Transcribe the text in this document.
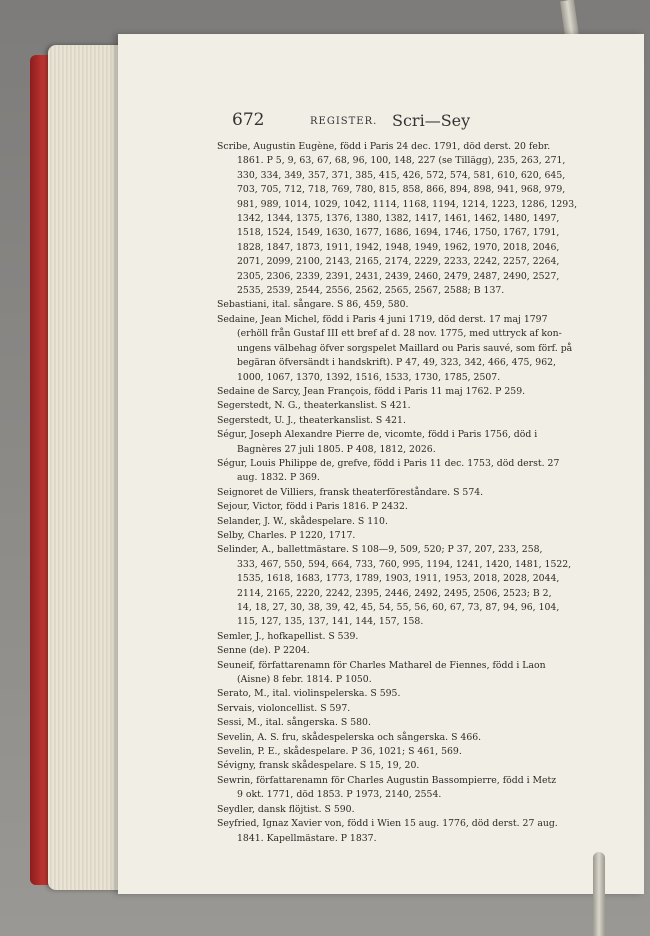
672	REGISTER. Scri—Sey
Scribe, Augustin Eugène, född i Paris 24 dec. 1791, död derst. 20 febr.
1861. P 5, 9, 63, 67, 68, 96, 100, 148, 227 (se Tillägg), 235, 263, 271,
330, 334, 349, 357, 371, 385, 415, 426, 572, 574, 581, 610, 620, 645,
703, 705, 712, 718, 769, 780, 815, 858, 866, 894, 898, 941, 968, 979,
981, 989, 1014, 1029, 1042, 1114, 1168, 1194, 1214, 1223, 1286, 1293,
1342, 1344, 1375, 1376, 1380, 1382, 1417, 1461, 1462, 1480, 1497,
1518, 1524, 1549, 1630, 1677, 1686, 1694, 1746, 1750, 1767, 1791,
1828, 1847, 1873, 1911, 1942, 1948, 1949, 1962, 1970, 2018, 2046,
2071, 2099, 2100, 2143, 2165, 2174, 2229, 2233, 2242, 2257, 2264,
2305, 2306, 2339, 2391, 2431, 2439, 2460, 2479, 2487, 2490, 2527,
2535, 2539, 2544, 2556, 2562, 2565, 2567, 2588; B 137.
Sebastiani, ital. sångare. S 86, 459, 580.
Sedaine, Jean Michel, född i Paris 4 juni 1719, död derst. 17 maj 1797
(erhöll från Gustaf III ett bref af d. 28 nov. 1775, med uttryck af kon-
ungens välbehag öfver sorgspelet Maillard ou Paris sauvé, som förf. på
begäran öfversändt i handskrift). P 47, 49, 323, 342, 466, 475, 962,
1000, 1067, 1370, 1392, 1516, 1533, 1730, 1785, 2507.
Sedaine de Sarcy, Jean François, född i Paris 11 maj 1762. P 259.
Segerstedt, N. G., theaterkanslist. S 421.
Segerstedt, U. J., theaterkanslist. S 421.
Ségur, Joseph Alexandre Pierre de, vicomte, född i Paris 1756, död i
Bagnères 27 juli 1805. P 408, 1812, 2026.
Ségur, Louis Philippe de, grefve, född i Paris 11 dec. 1753, död derst. 27
aug. 1832. P 369.
Seignoret de Villiers, fransk theaterföreståndare. S 574.
Sejour, Victor, född i Paris 1816. P 2432.
Selander, J. W., skådespelare. S 110.
Selby, Charles. P 1220, 1717.
Selinder, A., ballettmästare. S 108—9, 509, 520; P 37, 207, 233, 258,
333, 467, 550, 594, 664, 733, 760, 995, 1194, 1241, 1420, 1481, 1522,
1535, 1618, 1683, 1773, 1789, 1903, 1911, 1953, 2018, 2028, 2044,
2114, 2165, 2220, 2242, 2395, 2446, 2492, 2495, 2506, 2523; B 2,
14, 18, 27, 30, 38, 39, 42, 45, 54, 55, 56, 60, 67, 73, 87, 94, 96, 104,
115, 127, 135, 137, 141, 144, 157, 158.
Semler, J., hofkapellist. S 539.
Senne (de). P 2204.
Seuneif, författarenamn för Charles Matharel de Fiennes, född i Laon
(Aisne) 8 febr. 1814. P 1050.
Serato, M., ital. violinspelerska. S 595.
Servais, violoncellist. S 597.
Sessi, M., ital. sångerska. S 580.
Sevelin, A. S. fru, skådespelerska och sångerska. S 466.
Sevelin, P. E., skådespelare. P 36, 1021; S 461, 569.
Sévigny, fransk skådespelare. S 15, 19, 20.
Sewrin, författarenamn för Charles Augustin Bassompierre, född i Metz
9 okt. 1771, död 1853. P 1973, 2140, 2554.
Seydler, dansk flöjtist. S 590.
Seyfried, Ignaz Xavier von, född i Wien 15 aug. 1776, död derst. 27 aug.
1841. Kapellmästare. P 1837.
